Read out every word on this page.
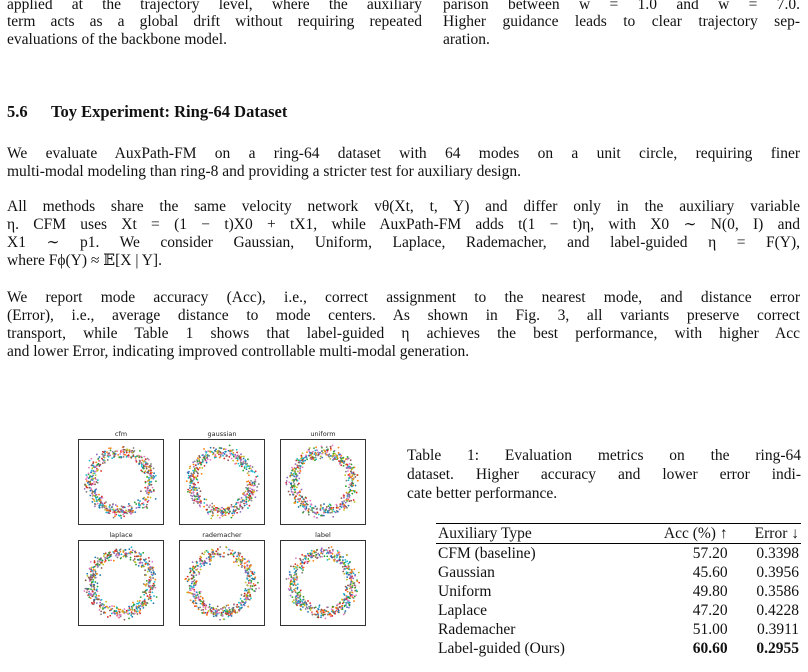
applied at the trajectory level, where the auxiliary
term acts as a global drift without requiring repeated
evaluations of the backbone model.
parison between w = 1.0 and w = 7.0.
Higher guidance leads to clear trajectory sep-
aration.
5.6 Toy Experiment: Ring-64 Dataset
We evaluate AuxPath-FM on a ring-64 dataset with 64 modes on a unit circle, requiring finer
multi-modal modeling than ring-8 and providing a stricter test for auxiliary design.
All methods share the same velocity network vθ(Xt, t, Y) and differ only in the auxiliary variable
η. CFM uses Xt = (1 − t)X0 + tX1, while AuxPath-FM adds t(1 − t)η, with X0 ∼ N(0, I) and
X1 ∼ p1. We consider Gaussian, Uniform, Laplace, Rademacher, and label-guided η = F(Y),
where Fϕ(Y) ≈ 𝔼[X | Y].
We report mode accuracy (Acc), i.e., correct assignment to the nearest mode, and distance error
(Error), i.e., average distance to mode centers. As shown in Fig. 3, all variants preserve correct
transport, while Table 1 shows that label-guided η achieves the best performance, with higher Acc
and lower Error, indicating improved controllable multi-modal generation.
cfm	gaussian	uniform
laplace	rademacher	label
Table 1: Evaluation metrics on the ring-64
dataset. Higher accuracy and lower error indi-
cate better performance.
Auxiliary Type	Acc (%) ↑	Error ↓
CFM (baseline)	57.20	0.3398
Gaussian	45.60	0.3956
Uniform	49.80	0.3586
Laplace	47.20	0.4228
Rademacher	51.00	0.3911
Label-guided (Ours)	60.60	0.2955
